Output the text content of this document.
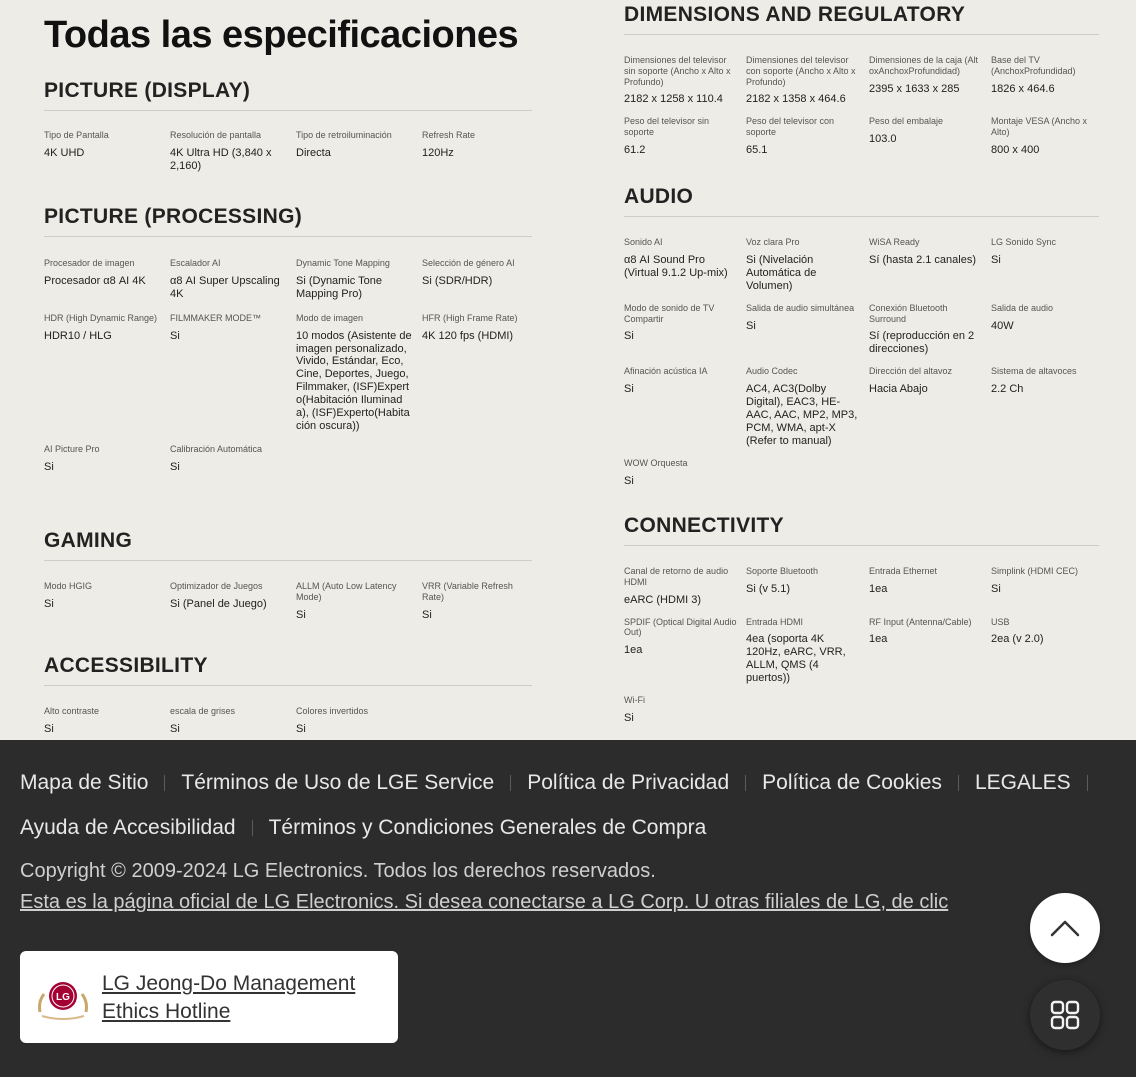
Todas las especificaciones
PICTURE (DISPLAY)
Tipo de Pantalla
4K UHD
Resolución de pantalla
4K Ultra HD (3,840 x 2,160)
Tipo de retroiluminación
Directa
Refresh Rate
120Hz
PICTURE (PROCESSING)
Procesador de imagen
Procesador α8 AI 4K
Escalador AI
α8 AI Super Upscaling 4K
Dynamic Tone Mapping
Si (Dynamic Tone Mapping Pro)
Selección de género AI
Si (SDR/HDR)
HDR (High Dynamic Range)
HDR10 / HLG
FILMMAKER MODE™
Si
Modo de imagen
10 modos (Asistente de imagen personalizado, Vivido, Estándar, Eco, Cine, Deportes, Juego, Filmmaker, (ISF)Experto(Habitación Iluminada), (ISF)Experto(Habitación oscura))
HFR (High Frame Rate)
4K 120 fps (HDMI)
AI Picture Pro
Si
Calibración Automática
Si
GAMING
Modo HGIG
Si
Optimizador de Juegos
Si (Panel de Juego)
ALLM (Auto Low Latency Mode)
Si
VRR (Variable Refresh Rate)
Si
ACCESSIBILITY
Alto contraste
Si
escala de grises
Si
Colores invertidos
Si
DIMENSIONS AND REGULATORY
Dimensiones del televisor sin soporte (Ancho x Alto x Profundo)
2182 x 1258 x 110.4
Dimensiones del televisor con soporte (Ancho x Alto x Profundo)
2182 x 1358 x 464.6
Dimensiones de la caja (AltoxAnchoxProfundidad)
2395 x 1633 x 285
Base del TV (AnchoxProfundidad)
1826 x 464.6
Peso del televisor sin soporte
61.2
Peso del televisor con soporte
65.1
Peso del embalaje
103.0
Montaje VESA (Ancho x Alto)
800 x 400
AUDIO
Sonido AI
α8 AI Sound Pro (Virtual 9.1.2 Up-mix)
Voz clara Pro
Si (Nivelación Automática de Volumen)
WiSA Ready
Sí (hasta 2.1 canales)
LG Sonido Sync
Si
Modo de sonido de TV Compartir
Si
Salida de audio simultánea
Si
Conexión Bluetooth Surround
Sí (reproducción en 2 direcciones)
Salida de audio
40W
Afinación acústica IA
Si
Audio Codec
AC4, AC3(Dolby Digital), EAC3, HE-AAC, AAC, MP2, MP3, PCM, WMA, apt-X (Refer to manual)
Dirección del altavoz
Hacia Abajo
Sistema de altavoces
2.2 Ch
WOW Orquesta
Si
CONNECTIVITY
Canal de retorno de audio HDMI
eARC (HDMI 3)
Soporte Bluetooth
Si (v 5.1)
Entrada Ethernet
1ea
Simplink (HDMI CEC)
Si
SPDIF (Optical Digital Audio Out)
1ea
Entrada HDMI
4ea (soporta 4K 120Hz, eARC, VRR, ALLM, QMS (4 puertos))
RF Input (Antenna/Cable)
1ea
USB
2ea (v 2.0)
Wi-Fi
Si
Mapa de Sitio Términos de Uso de LGE Service Política de Privacidad Política de Cookies LEGALES
Ayuda de Accesibilidad Términos y Condiciones Generales de Compra
Copyright © 2009-2024 LG Electronics. Todos los derechos reservados.
Esta es la página oficial de LG Electronics. Si desea conectarse a LG Corp. U otras filiales de LG, de clic
LG
LG Jeong-Do Management Ethics Hotline
